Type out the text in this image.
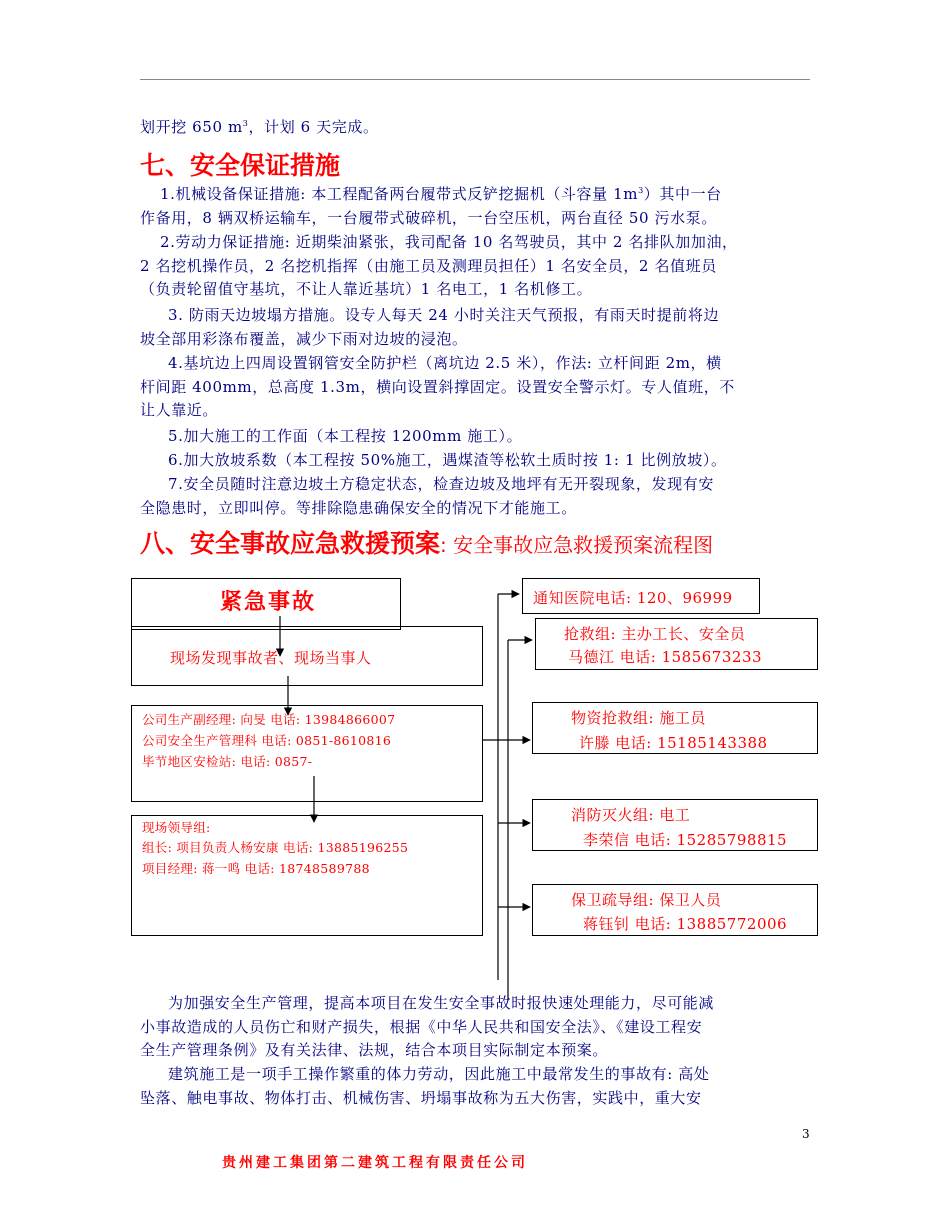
划开挖 650 $m^3$，计划 6 天完成。
七、安全保证措施
1.机械设备保证措施: 本工程配备两台履带式反铲挖掘机（斗容量 $1m^3$）其中一台
作备用，8 辆双桥运输车，一台履带式破碎机，一台空压机，两台直径 50 污水泵。
2.劳动力保证措施: 近期柴油紧张，我司配备 10 名驾驶员，其中 2 名排队加加油，
2 名挖机操作员，2 名挖机指挥（由施工员及测理员担任）1 名安全员，2 名值班员
（负责轮留值守基坑，不让人靠近基坑）1 名电工，1 名机修工。
3. 防雨天边坡塌方措施。设专人每天 24 小时关注天气预报，有雨天时提前将边
坡全部用彩涤布覆盖，减少下雨对边坡的浸泡。
4.基坑边上四周设置钢管安全防护栏（离坑边 2.5 米），作法: 立杆间距 2m，横
杆间距 400mm，总高度 1.3m，横向设置斜撑固定。设置安全警示灯。专人值班，不
让人靠近。
5.加大施工的工作面（本工程按 1200mm 施工）。
6.加大放坡系数（本工程按 50%施工，遇煤渣等松软土质时按 1: 1 比例放坡）。
7.安全员随时注意边坡土方稳定状态，检查边坡及地坪有无开裂现象，发现有安
全隐患时，立即叫停。等排除隐患确保安全的情况下才能施工。
八、安全事故应急救援预案: 安全事故应急救援预案流程图
紧急事故
现场发现事故者、现场当事人
公司生产副经理: 向旻 电话: 13984866007
公司安全生产管理科 电话: 0851-8610816
毕节地区安检站: 电话: 0857-
现场领导组:
组长: 项目负责人杨安康 电话: 13885196255
项目经理: 蒋一鸣 电话: 18748589788
通知医院电话: 120、96999
抢救组: 主办工长、安全员
马德江 电话: 1585673233
物资抢救组: 施工员
许滕 电话: 15185143388
消防灭火组: 电工
李荣信 电话: 15285798815
保卫疏导组: 保卫人员
蒋钰钊 电话: 13885772006
为加强安全生产管理，提高本项目在发生安全事故时报快速处理能力，尽可能减
小事故造成的人员伤亡和财产损失，根据《中华人民共和国安全法》、《建设工程安
全生产管理条例》及有关法律、法规，结合本项目实际制定本预案。
建筑施工是一项手工操作繁重的体力劳动，因此施工中最常发生的事故有: 高处
坠落、触电事故、物体打击、机械伤害、坍塌事故称为五大伤害，实践中，重大安
3
贵州建工集团第二建筑工程有限责任公司
